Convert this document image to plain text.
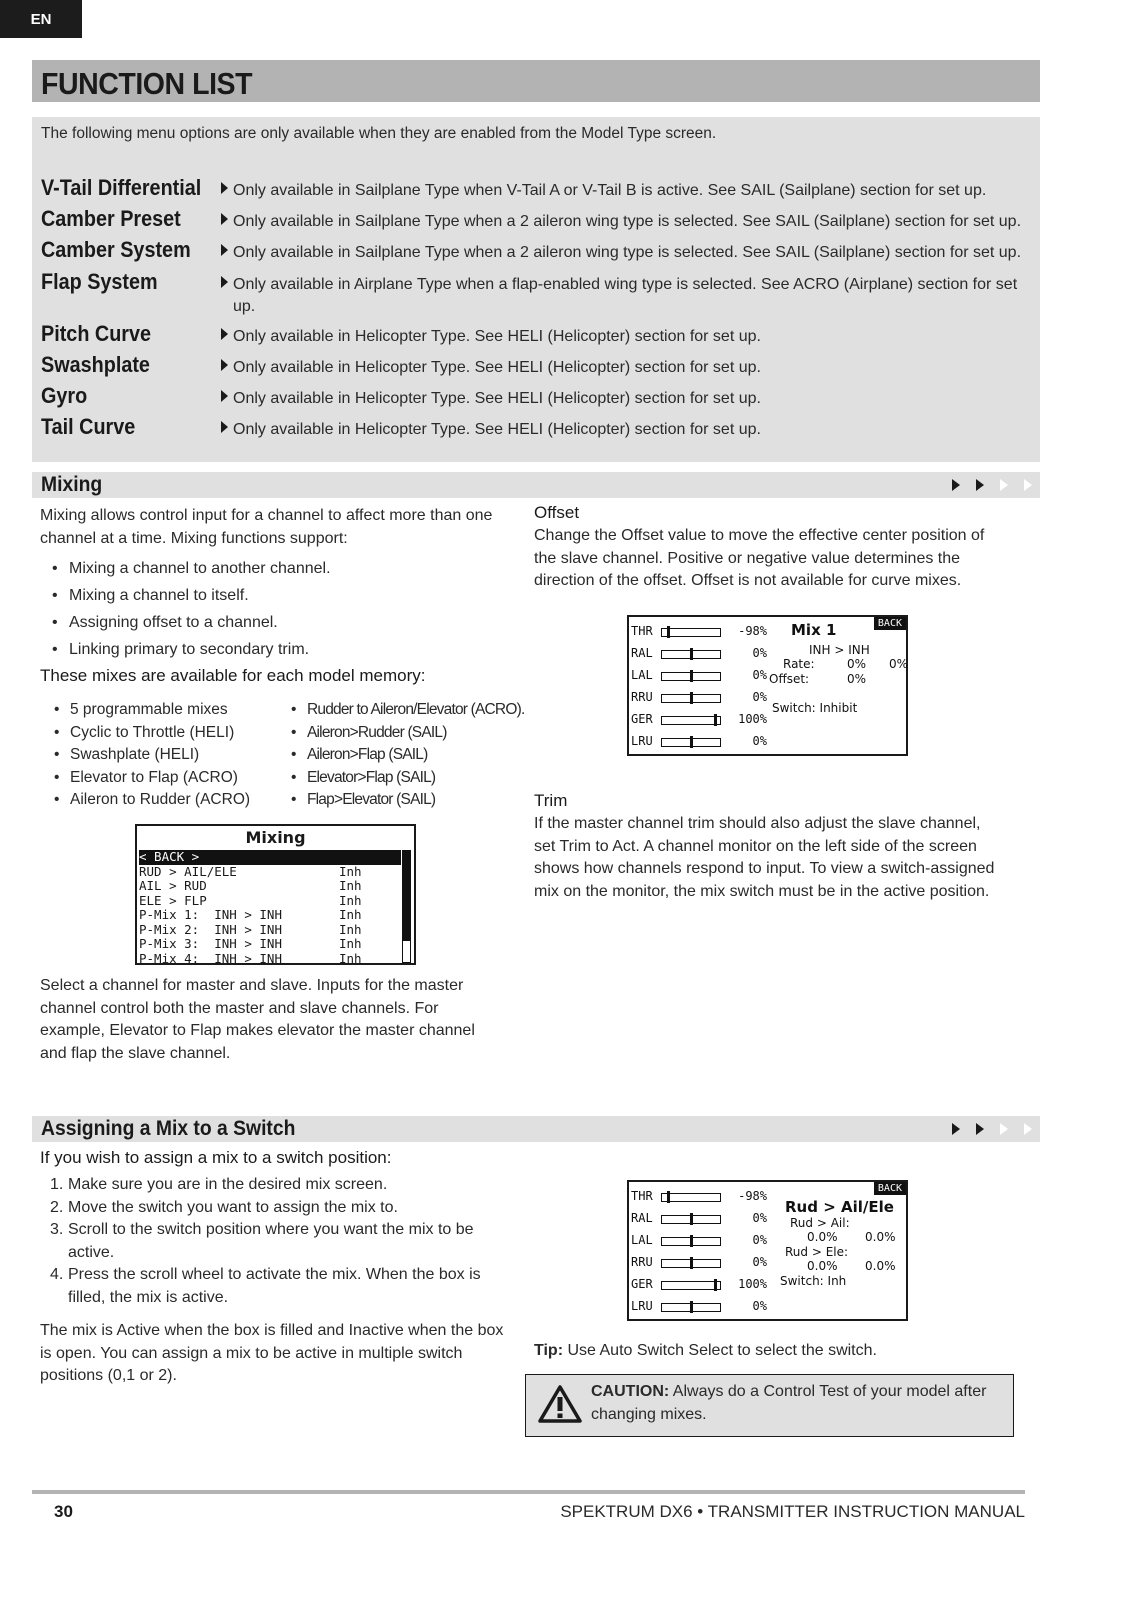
EN
FUNCTION LIST
The following menu options are only available when they are enabled from the Model Type screen.
V-Tail Differential Only available in Sailplane Type when V-Tail A or V-Tail B is active. See SAIL (Sailplane) section for set up.
Camber Preset	Only available in Sailplane Type when a 2 aileron wing type is selected. See SAIL (Sailplane) section for set up.
Camber System	Only available in Sailplane Type when a 2 aileron wing type is selected. See SAIL (Sailplane) section for set up.
Flap System	Only available in Airplane Type when a flap-enabled wing type is selected. See ACRO (Airplane) section for set up.
Pitch Curve	Only available in Helicopter Type. See HELI (Helicopter) section for set up.
Swashplate	Only available in Helicopter Type. See HELI (Helicopter) section for set up.
Gyro	Only available in Helicopter Type. See HELI (Helicopter) section for set up.
Tail Curve	Only available in Helicopter Type. See HELI (Helicopter) section for set up.
Mixing
Mixing allows control input for a channel to affect more than one channel at a time. Mixing functions support:
• Mixing a channel to another channel.
• Mixing a channel to itself.
• Assigning offset to a channel.
• Linking primary to secondary trim.
These mixes are available for each model memory:
• 5 programmable mixes
• Cyclic to Throttle (HELI)
• Swashplate (HELI)
• Elevator to Flap (ACRO)
• Aileron to Rudder (ACRO)
• Rudder to Aileron/Elevator (ACRO).
• Aileron>Rudder (SAIL)
• Aileron>Flap (SAIL)
• Elevator>Flap (SAIL)
• Flap>Elevator (SAIL)
Mixing
< BACK >
RUD > AIL/ELE	Inh
AIL > RUD	Inh
ELE > FLP	Inh
P-Mix 1:  INH > INH	Inh
P-Mix 2:  INH > INH	Inh
P-Mix 3:  INH > INH	Inh
P-Mix 4:  INH > INH	Inh
Select a channel for master and slave. Inputs for the master channel control both the master and slave channels. For example, Elevator to Flap makes elevator the master channel and flap the slave channel.
Offset
Change the Offset value to move the effective center position of the slave channel. Positive or negative value determines the direction of the offset. Offset is not available for curve mixes.
BACK
THR	-98%
RAL	0%
LAL	0%
RRU	0%
GER	100%
LRU	0%
Mix 1
INH > INH
Rate:	0% 0%
Offset:	0%
Switch: Inhibit
Trim
If the master channel trim should also adjust the slave channel, set Trim to Act. A channel monitor on the left side of the screen shows how channels respond to input. To view a switch-assigned mix on the monitor, the mix switch must be in the active position.
Assigning a Mix to a Switch
If you wish to assign a mix to a switch position:
1. Make sure you are in the desired mix screen.
2. Move the switch you want to assign the mix to.
3. Scroll to the switch position where you want the mix to be active.
4. Press the scroll wheel to activate the mix. When the box is filled, the mix is active.
The mix is Active when the box is filled and Inactive when the box is open. You can assign a mix to be active in multiple switch positions (0,1 or 2).
BACK
THR	-98%
RAL	0%
LAL	0%
RRU	0%
GER	100%
LRU	0%
Rud > Ail/Ele
Rud > Ail:
0.0% 0.0%
Rud > Ele:
0.0% 0.0%
Switch: Inh
Tip: Use Auto Switch Select to select the switch.
CAUTION: Always do a Control Test of your model after changing mixes.
30	SPEKTRUM DX6 • TRANSMITTER INSTRUCTION MANUAL
